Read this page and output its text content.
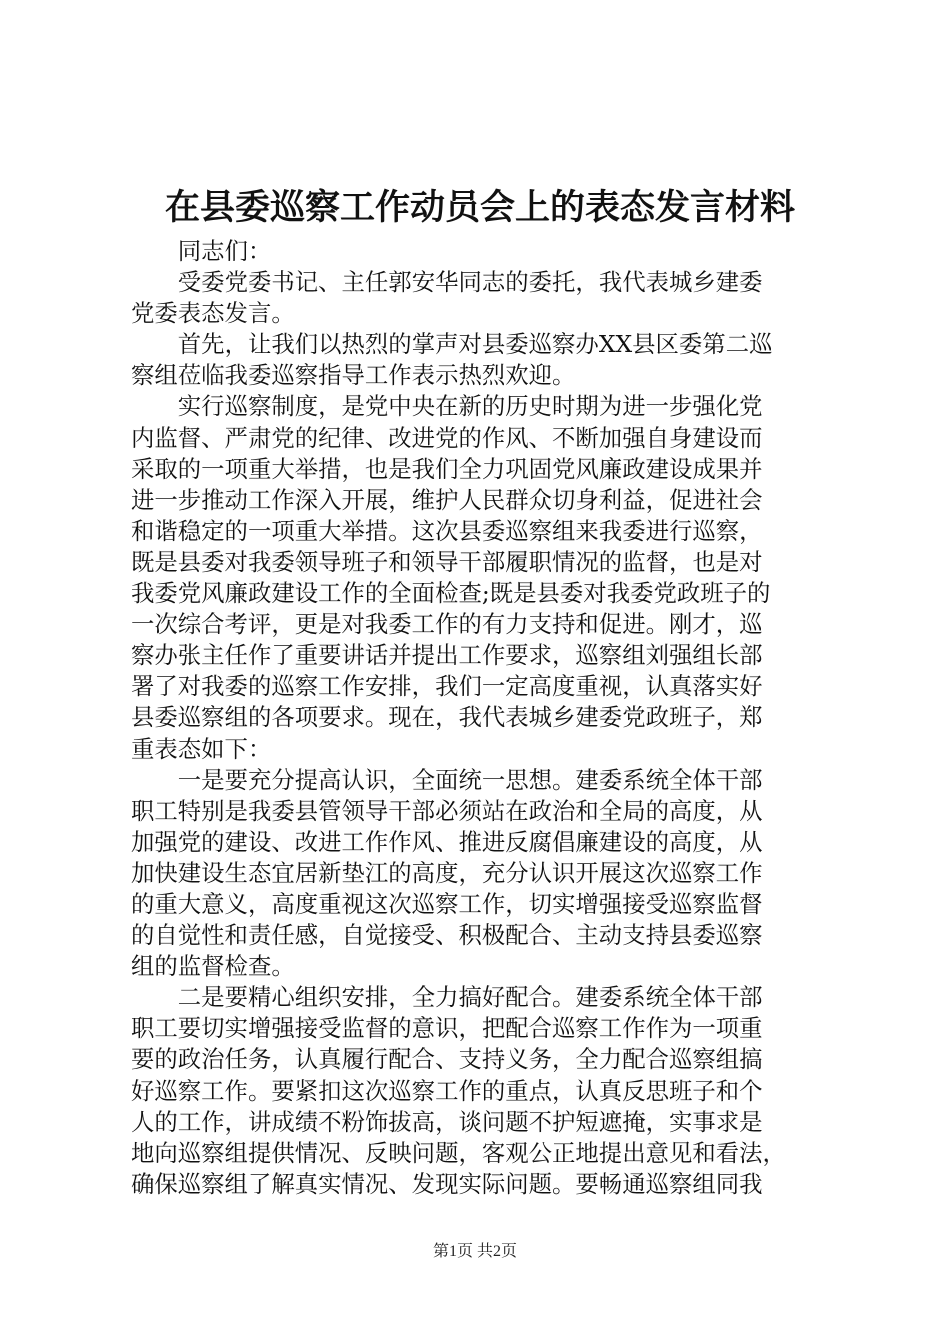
在县委巡察工作动员会上的表态发言材料

同志们：

受委党委书记、主任郭安华同志的委托，我代表城乡建委
党委表态发言。

首先，让我们以热烈的掌声对县委巡察办XX县区委第二巡
察组莅临我委巡察指导工作表示热烈欢迎。

实行巡察制度，是党中央在新的历史时期为进一步强化党
内监督、严肃党的纪律、改进党的作风、不断加强自身建设而
采取的一项重大举措，也是我们全力巩固党风廉政建设成果并
进一步推动工作深入开展，维护人民群众切身利益，促进社会
和谐稳定的一项重大举措。这次县委巡察组来我委进行巡察，
既是县委对我委领导班子和领导干部履职情况的监督，也是对
我委党风廉政建设工作的全面检查;既是县委对我委党政班子的
一次综合考评，更是对我委工作的有力支持和促进。刚才，巡
察办张主任作了重要讲话并提出工作要求，巡察组刘强组长部
署了对我委的巡察工作安排，我们一定高度重视，认真落实好
县委巡察组的各项要求。现在，我代表城乡建委党政班子，郑
重表态如下：

一是要充分提高认识，全面统一思想。建委系统全体干部
职工特别是我委县管领导干部必须站在政治和全局的高度，从
加强党的建设、改进工作作风、推进反腐倡廉建设的高度，从
加快建设生态宜居新垫江的高度，充分认识开展这次巡察工作
的重大意义，高度重视这次巡察工作，切实增强接受巡察监督
的自觉性和责任感，自觉接受、积极配合、主动支持县委巡察
组的监督检查。

二是要精心组织安排，全力搞好配合。建委系统全体干部
职工要切实增强接受监督的意识，把配合巡察工作作为一项重
要的政治任务，认真履行配合、支持义务，全力配合巡察组搞
好巡察工作。要紧扣这次巡察工作的重点，认真反思班子和个
人的工作，讲成绩不粉饰拔高，谈问题不护短遮掩，实事求是
地向巡察组提供情况、反映问题，客观公正地提出意见和看法，
确保巡察组了解真实情况、发现实际问题。要畅通巡察组同我

第1页 共2页
